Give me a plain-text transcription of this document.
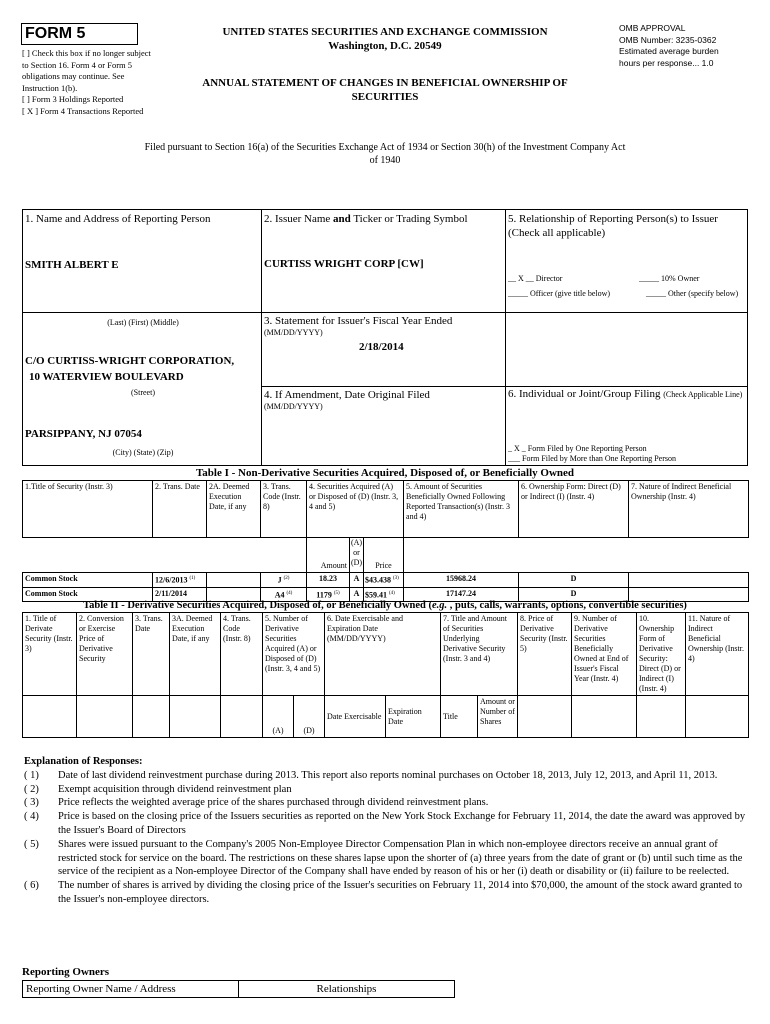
FORM 5
[ ] Check this box if no longer subject to Section 16. Form 4 or Form 5 obligations may continue. See Instruction 1(b).
[ ] Form 3 Holdings Reported
[ X ] Form 4 Transactions Reported
UNITED STATES SECURITIES AND EXCHANGE COMMISSION
Washington, D.C. 20549
ANNUAL STATEMENT OF CHANGES IN BENEFICIAL OWNERSHIP OF SECURITIES
OMB APPROVAL
OMB Number: 3235-0362
Estimated average burden
hours per response... 1.0
Filed pursuant to Section 16(a) of the Securities Exchange Act of 1934 or Section 30(h) of the Investment Company Act of 1940
1. Name and Address of Reporting Person
SMITH ALBERT E
(Last) (First) (Middle)
C/O CURTISS-WRIGHT CORPORATION,
10 WATERVIEW BOULEVARD
(Street)
PARSIPPANY, NJ 07054
(City) (State) (Zip)
2. Issuer Name and Ticker or Trading Symbol
CURTISS WRIGHT CORP [CW]
3. Statement for Issuer's Fiscal Year Ended
(MM/DD/YYYY)
2/18/2014
4. If Amendment, Date Original Filed
(MM/DD/YYYY)
5. Relationship of Reporting Person(s) to Issuer (Check all applicable)
__ X __ Director	_____ 10% Owner
_____ Officer (give title below)	_____ Other (specify below)
6. Individual or Joint/Group Filing (Check Applicable Line)
_ X _ Form Filed by One Reporting Person
___ Form Filed by More than One Reporting Person
Table I - Non-Derivative Securities Acquired, Disposed of, or Beneficially Owned
1.Title of Security (Instr. 3)	2. Trans. Date	2A. Deemed Execution Date, if any	3. Trans. Code (Instr. 8)	4. Securities Acquired (A) or Disposed of (D) (Instr. 3, 4 and 5)			5. Amount of Securities Beneficially Owned Following Reported Transaction(s) (Instr. 3 and 4)	6. Ownership Form: Direct (D) or Indirect (I) (Instr. 4)	7. Nature of Indirect Beneficial Ownership (Instr. 4)
				Amount	(A) or (D)	Price			
Common Stock	12/6/2013 $^{(1)}$		J $^{(2)}$	18.23	A	$43.438 $^{(3)}$	15968.24	D	
Common Stock	2/11/2014		A4 $^{(4)}$	1179 $^{(5)}$	A	$59.41 $^{(4)}$	17147.24	D	
Table II - Derivative Securities Acquired, Disposed of, or Beneficially Owned (e.g. , puts, calls, warrants, options, convertible securities)
1. Title of Derivate Security (Instr. 3)	2. Conversion or Exercise Price of Derivative Security	3. Trans. Date	3A. Deemed Execution Date, if any	4. Trans. Code (Instr. 8)	5. Number of Derivative Securities Acquired (A) or Disposed of (D) (Instr. 3, 4 and 5)		6. Date Exercisable and Expiration Date (MM/DD/YYYY)		7. Title and Amount of Securities Underlying Derivative Security (Instr. 3 and 4)		8. Price of Derivative Security (Instr. 5)	9. Number of Derivative Securities Beneficially Owned at End of Issuer's Fiscal Year (Instr. 4)	10. Ownership Form of Derivative Security: Direct (D) or Indirect (I) (Instr. 4)	11. Nature of Indirect Beneficial Ownership (Instr. 4)
					(A)	(D)	Date Exercisable	Expiration Date	Title	Amount or Number of Shares				
Explanation of Responses:
( 1)	Date of last dividend reinvestment purchase during 2013. This report also reports nominal purchases on October 18, 2013, July 12, 2013, and April 11, 2013.
( 2)	Exempt acquisition through dividend reinvestment plan
( 3)	Price reflects the weighted average price of the shares purchased through dividend reinvestment plans.
( 4)	Price is based on the closing price of the Issuers securities as reported on the New York Stock Exchange for February 11, 2014, the date the award was approved by the Issuer's Board of Directors
( 5)	Shares were issued pursuant to the Company's 2005 Non-Employee Director Compensation Plan in which non-employee directors receive an annual grant of restricted stock for service on the board. The restrictions on these shares lapse upon the shorter of (a) three years from the date of grant or (b) until such time as the service of the recipient as a Non-employee Director of the Company shall have ended by reason of his or her (i) death or disability or (ii) failure to be reelected.
( 6)	The number of shares is arrived by dividing the closing price of the Issuer's securities on February 11, 2014 into $70,000, the amount of the stock award granted to the Issuer's non-employee directors.
Reporting Owners
Reporting Owner Name / Address	Relationships
